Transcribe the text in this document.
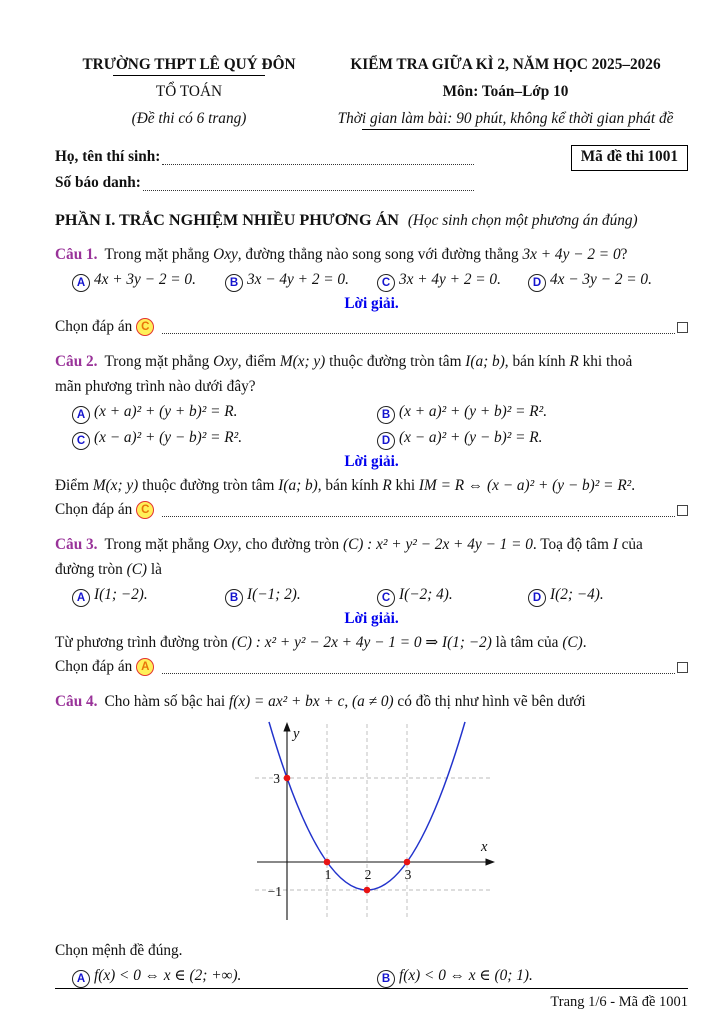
TRƯỜNG THPT LÊ QUÝ ĐÔN
TỔ TOÁN
(Đề thi có 6 trang)
KIỂM TRA GIỮA KÌ 2, NĂM HỌC 2025–2026
Môn: Toán–Lớp 10
Thời gian làm bài: 90 phút, không kể thời gian phát đề
Họ, tên thí sinh:
Số báo danh:
Mã đề thi 1001
PHẦN I. TRẮC NGHIỆM NHIỀU PHƯƠNG ÁN (Học sinh chọn một phương án đúng)
Câu 1. Trong mặt phẳng Oxy, đường thẳng nào song song với đường thẳng 3x + 4y − 2 = 0?
A 4x + 3y − 2 = 0.	B 3x − 4y + 2 = 0.	C 3x + 4y + 2 = 0.	D 4x − 3y − 2 = 0.
Lời giải.
Chọn đáp án C
Câu 2. Trong mặt phẳng Oxy, điểm M(x; y) thuộc đường tròn tâm I(a; b), bán kính R khi thoả
mãn phương trình nào dưới đây?
A (x + a)² + (y + b)² = R.	B (x + a)² + (y + b)² = R².
C (x − a)² + (y − b)² = R².	D (x − a)² + (y − b)² = R.
Lời giải.
Điểm M(x; y) thuộc đường tròn tâm I(a; b), bán kính R khi IM = R ⇔ (x − a)² + (y − b)² = R².
Chọn đáp án C
Câu 3. Trong mặt phẳng Oxy, cho đường tròn (C) : x² + y² − 2x + 4y − 1 = 0. Toạ độ tâm I của
đường tròn (C) là
A I(1; −2).	B I(−1; 2).	C I(−2; 4).	D I(2; −4).
Lời giải.
Từ phương trình đường tròn (C) : x² + y² − 2x + 4y − 1 = 0 ⇒ I(1; −2) là tâm của (C).
Chọn đáp án A
Câu 4. Cho hàm số bậc hai f(x) = ax² + bx + c, (a ≠ 0) có đồ thị như hình vẽ bên dưới
3
−1
1 2 3
x
y
Chọn mệnh đề đúng.
A f(x) < 0 ⇔ x ∈ (2; +∞).	B f(x) < 0 ⇔ x ∈ (0; 1).
Trang 1/6 - Mã đề 1001
